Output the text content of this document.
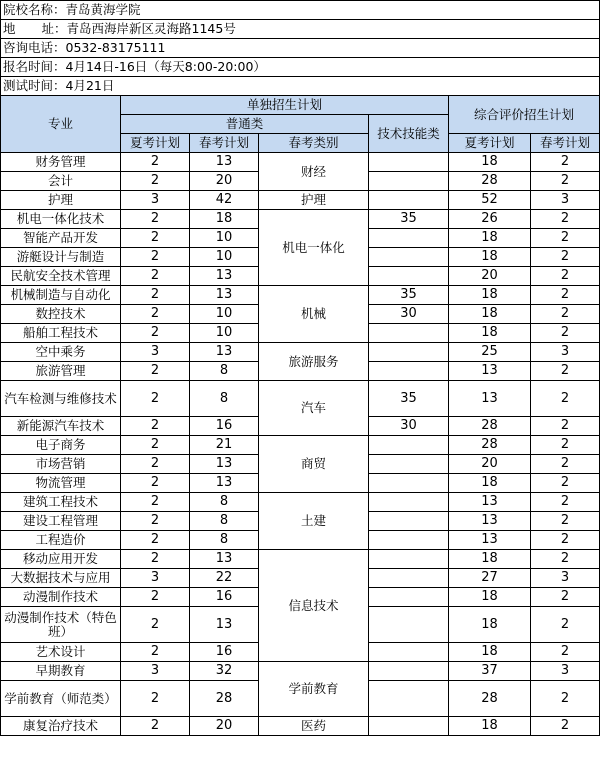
院校名称：青岛黄海学院						
地 址：青岛西海岸新区灵海路1145号						
咨询电话：0532-83175111						
报名时间：4月14日-16日（每天8:00-20:00）						
测试时间：4月21日						
专业	单独招生计划				综合评价招生计划	
	普通类			技术技能类		
	夏考计划	春考计划	春考类别		夏考计划	春考计划
财务管理	2	13	财经		18	2
会计	2	20			28	2
护理	3	42	护理		52	3
机电一体化技术	2	18	机电一体化	35	26	2
智能产品开发	2	10			18	2
游艇设计与制造	2	10			18	2
民航安全技术管理	2	13			20	2
机械制造与自动化	2	13	机械	35	18	2
数控技术	2	10		30	18	2
船舶工程技术	2	10			18	2
空中乘务	3	13	旅游服务		25	3
旅游管理	2	8			13	2
汽车检测与维修技术	2	8	汽车	35	13	2
新能源汽车技术	2	16		30	28	2
电子商务	2	21	商贸		28	2
市场营销	2	13			20	2
物流管理	2	13			18	2
建筑工程技术	2	8	土建		13	2
建设工程管理	2	8			13	2
工程造价	2	8			13	2
移动应用开发	2	13	信息技术		18	2
大数据技术与应用	3	22			27	3
动漫制作技术	2	16			18	2
动漫制作技术（特色班）	2	13			18	2
艺术设计	2	16			18	2
早期教育	3	32	学前教育		37	3
学前教育（师范类）	2	28			28	2
康复治疗技术	2	20	医药		18	2
